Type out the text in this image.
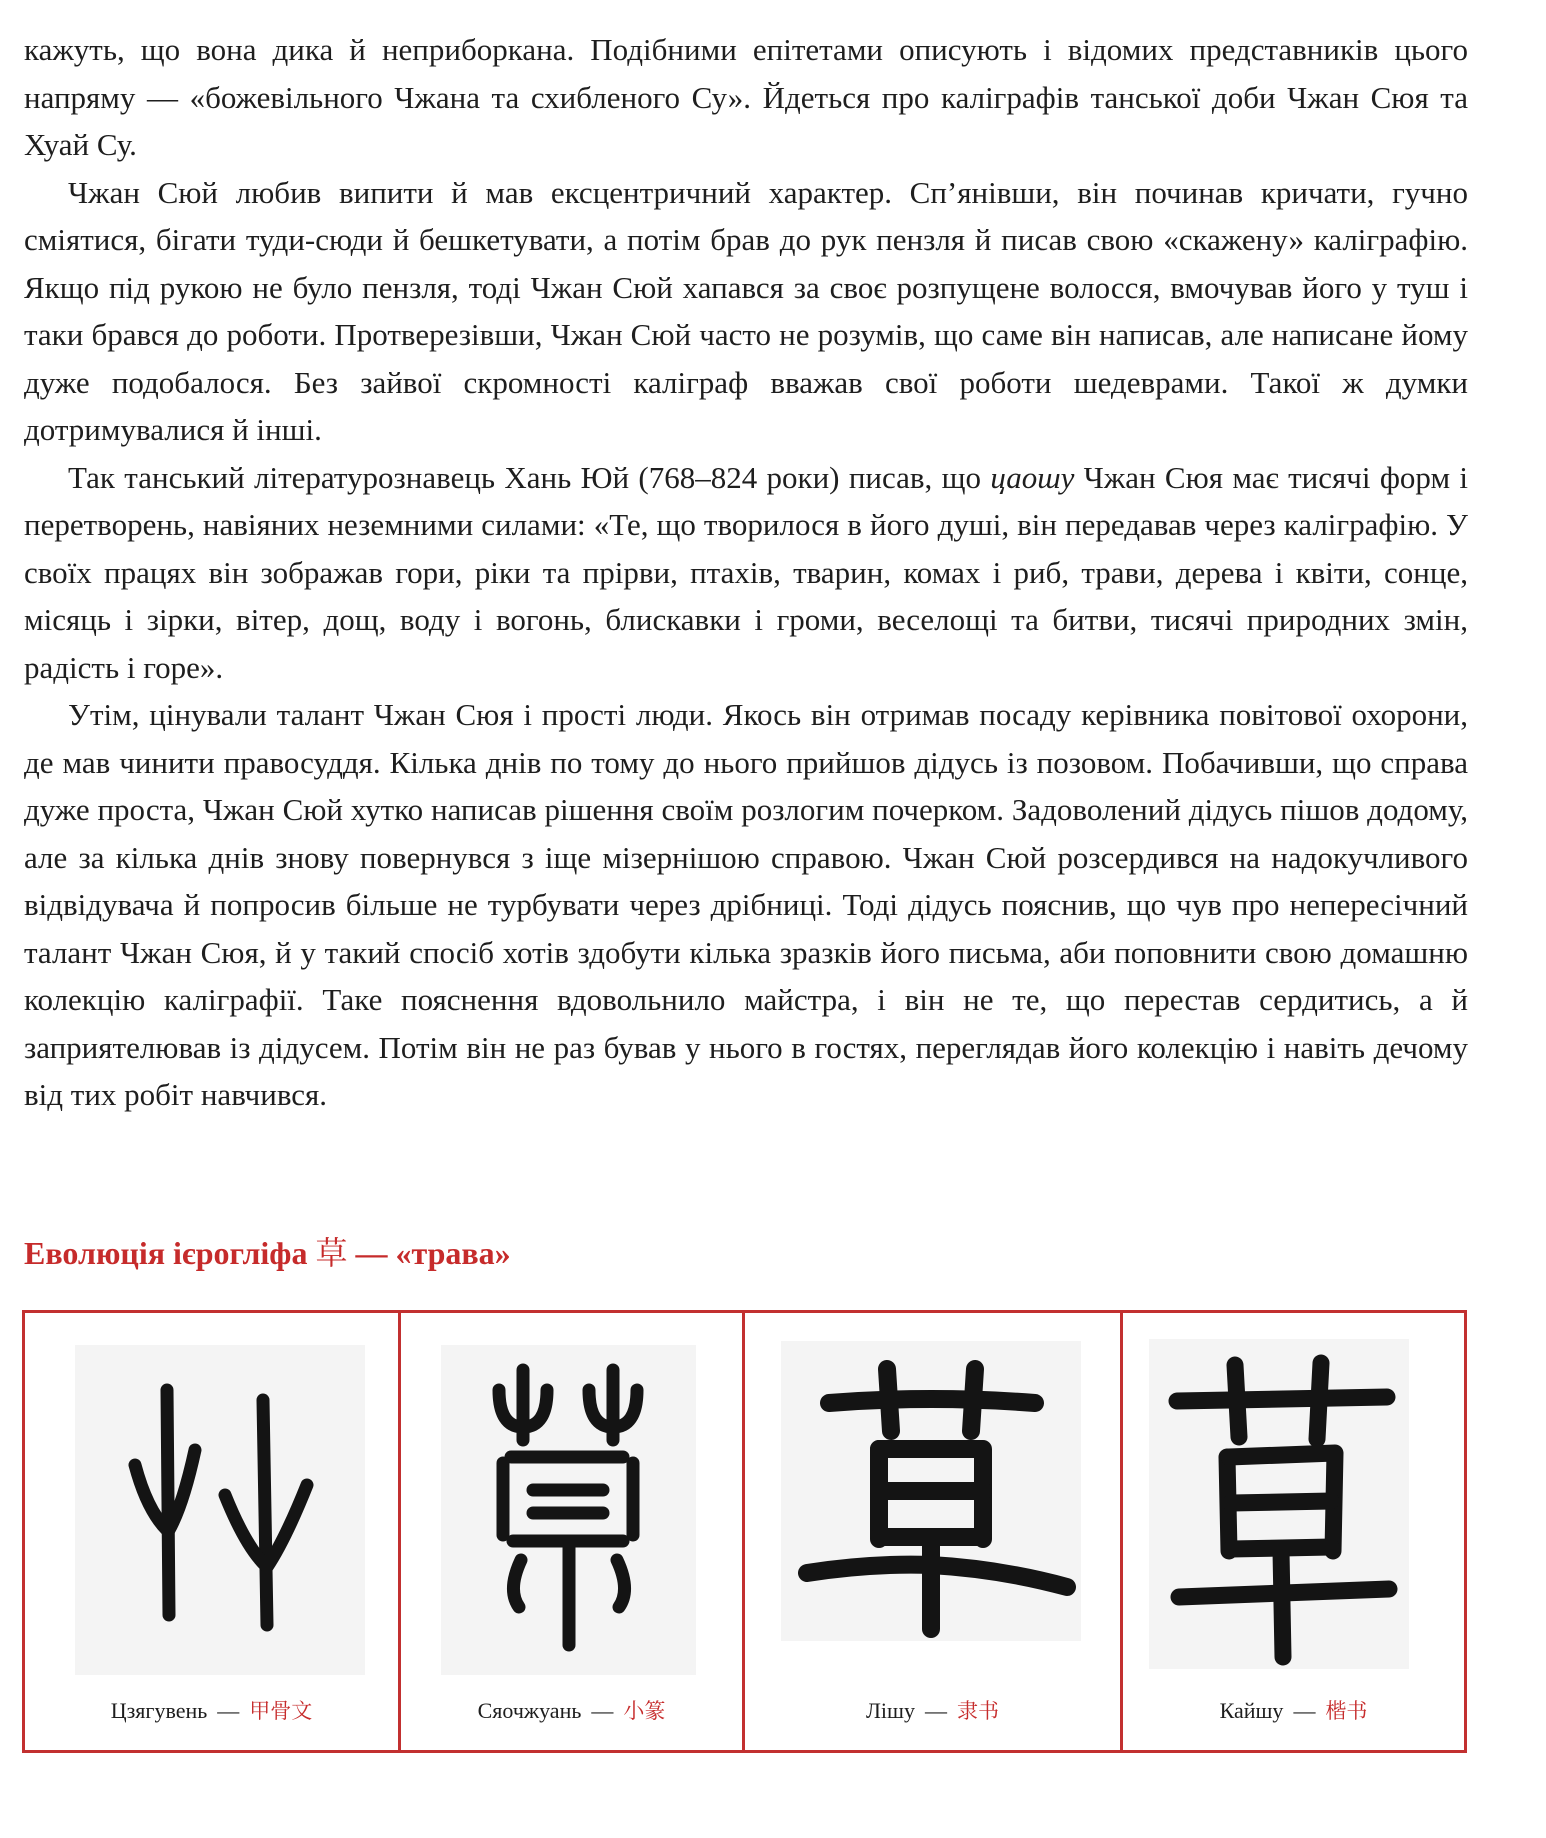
кажуть, що вона дика й неприборкана. Подібними епітетами описують і відомих представників цього напряму — «божевільного Чжана та схибленого Су». Йдеться про каліграфів танської доби Чжан Сюя та Хуай Су.

Чжан Сюй любив випити й мав ексцентричний характер. Сп’янівши, він починав кричати, гучно сміятися, бігати туди-сюди й бешкетувати, а потім брав до рук пензля й писав свою «скажену» каліграфію. Якщо під рукою не було пензля, тоді Чжан Сюй хапався за своє розпущене волосся, вмочував його у туш і таки брався до роботи. Протверезівши, Чжан Сюй часто не розумів, що саме він написав, але написане йому дуже подобалося. Без зайвої скромності каліграф вважав свої роботи шедеврами. Такої ж думки дотримувалися й інші.

Так танський літературознавець Хань Юй (768–824 роки) писав, що цаошу Чжан Сюя має тисячі форм і перетворень, навіяних неземними силами: «Те, що творилося в його душі, він передавав через каліграфію. У своїх працях він зображав гори, ріки та прірви, птахів, тварин, комах і риб, трави, дерева і квіти, сонце, місяць і зірки, вітер, дощ, воду і вогонь, блискавки і громи, веселощі та битви, тисячі природних змін, радість і горе».

Утім, цінували талант Чжан Сюя і прості люди. Якось він отримав посаду керівника повітової охорони, де мав чинити правосуддя. Кілька днів по тому до нього прийшов дідусь із позовом. Побачивши, що справа дуже проста, Чжан Сюй хутко написав рішення своїм розлогим почерком. Задоволений дідусь пішов додому, але за кілька днів знову повернувся з іще мізернішою справою. Чжан Сюй розсердився на надокучливого відвідувача й попросив більше не турбувати через дрібниці. Тоді дідусь пояснив, що чув про непересічний талант Чжан Сюя, й у такий спосіб хотів здобути кілька зразків його письма, аби поповнити свою домашню колекцію каліграфії. Таке пояснення вдовольнило майстра, і він не те, що перестав сердитись, а й заприятелював із дідусем. Потім він не раз бував у нього в гостях, переглядав його колекцію і навіть дечому від тих робіт навчився.

Еволюція ієрогліфа 草 — «трава»
Цзягувень — 甲骨文	Сяочжуань — 小篆	Лішу — 隶书	Кайшу — 楷书
